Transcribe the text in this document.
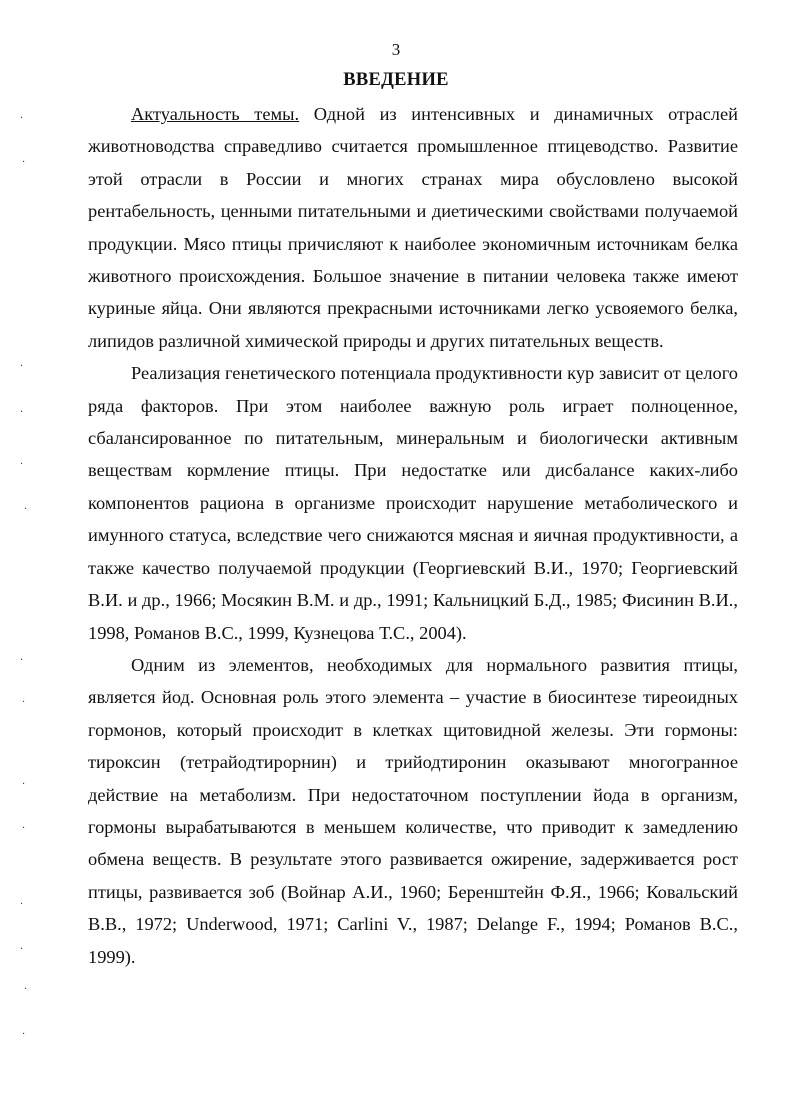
·
·
·
·
·
·
·
·
·
·
·
·
·
·
3
ВВЕДЕНИЕ

Актуальность темы. Одной из интенсивных и динамичных отраслей животноводства справедливо считается промышленное птицеводство. Развитие этой отрасли в России и многих странах мира обусловлено высокой рентабельность, ценными питательными и диетическими свойствами получаемой продукции. Мясо птицы причисляют к наиболее экономичным источникам белка животного происхождения. Большое значение в питании человека также имеют куриные яйца. Они являются прекрасными источниками легко усвояемого белка, липидов различной химической природы и других питательных веществ.

Реализация генетического потенциала продуктивности кур зависит от целого ряда факторов. При этом наиболее важную роль играет полноценное, сбалансированное по питательным, минеральным и биологически активным веществам кормление птицы. При недостатке или дисбалансе каких-либо компонентов рациона в организме происходит нарушение метаболического и имунного статуса, вследствие чего снижаются мясная и яичная продуктивности, а также качество получаемой продукции (Георгиевский В.И., 1970; Георгиевский В.И. и др., 1966; Мосякин В.М. и др., 1991; Кальницкий Б.Д., 1985; Фисинин В.И., 1998, Романов В.С., 1999, Кузнецова Т.С., 2004).

Одним из элементов, необходимых для нормального развития птицы, является йод. Основная роль этого элемента – участие в биосинтезе тиреоидных гормонов, который происходит в клетках щитовидной железы. Эти гормоны: тироксин (тетрайодтирорнин) и трийодтиронин оказывают многогранное действие на метаболизм. При недостаточном поступлении йода в организм, гормоны вырабатываются в меньшем количестве, что приводит к замедлению обмена веществ. В результате этого развивается ожирение, задерживается рост птицы, развивается зоб (Войнар А.И., 1960; Беренштейн Ф.Я., 1966; Ковальский В.В., 1972; Underwood, 1971; Carlini V., 1987; Delange F., 1994; Романов В.С., 1999).
